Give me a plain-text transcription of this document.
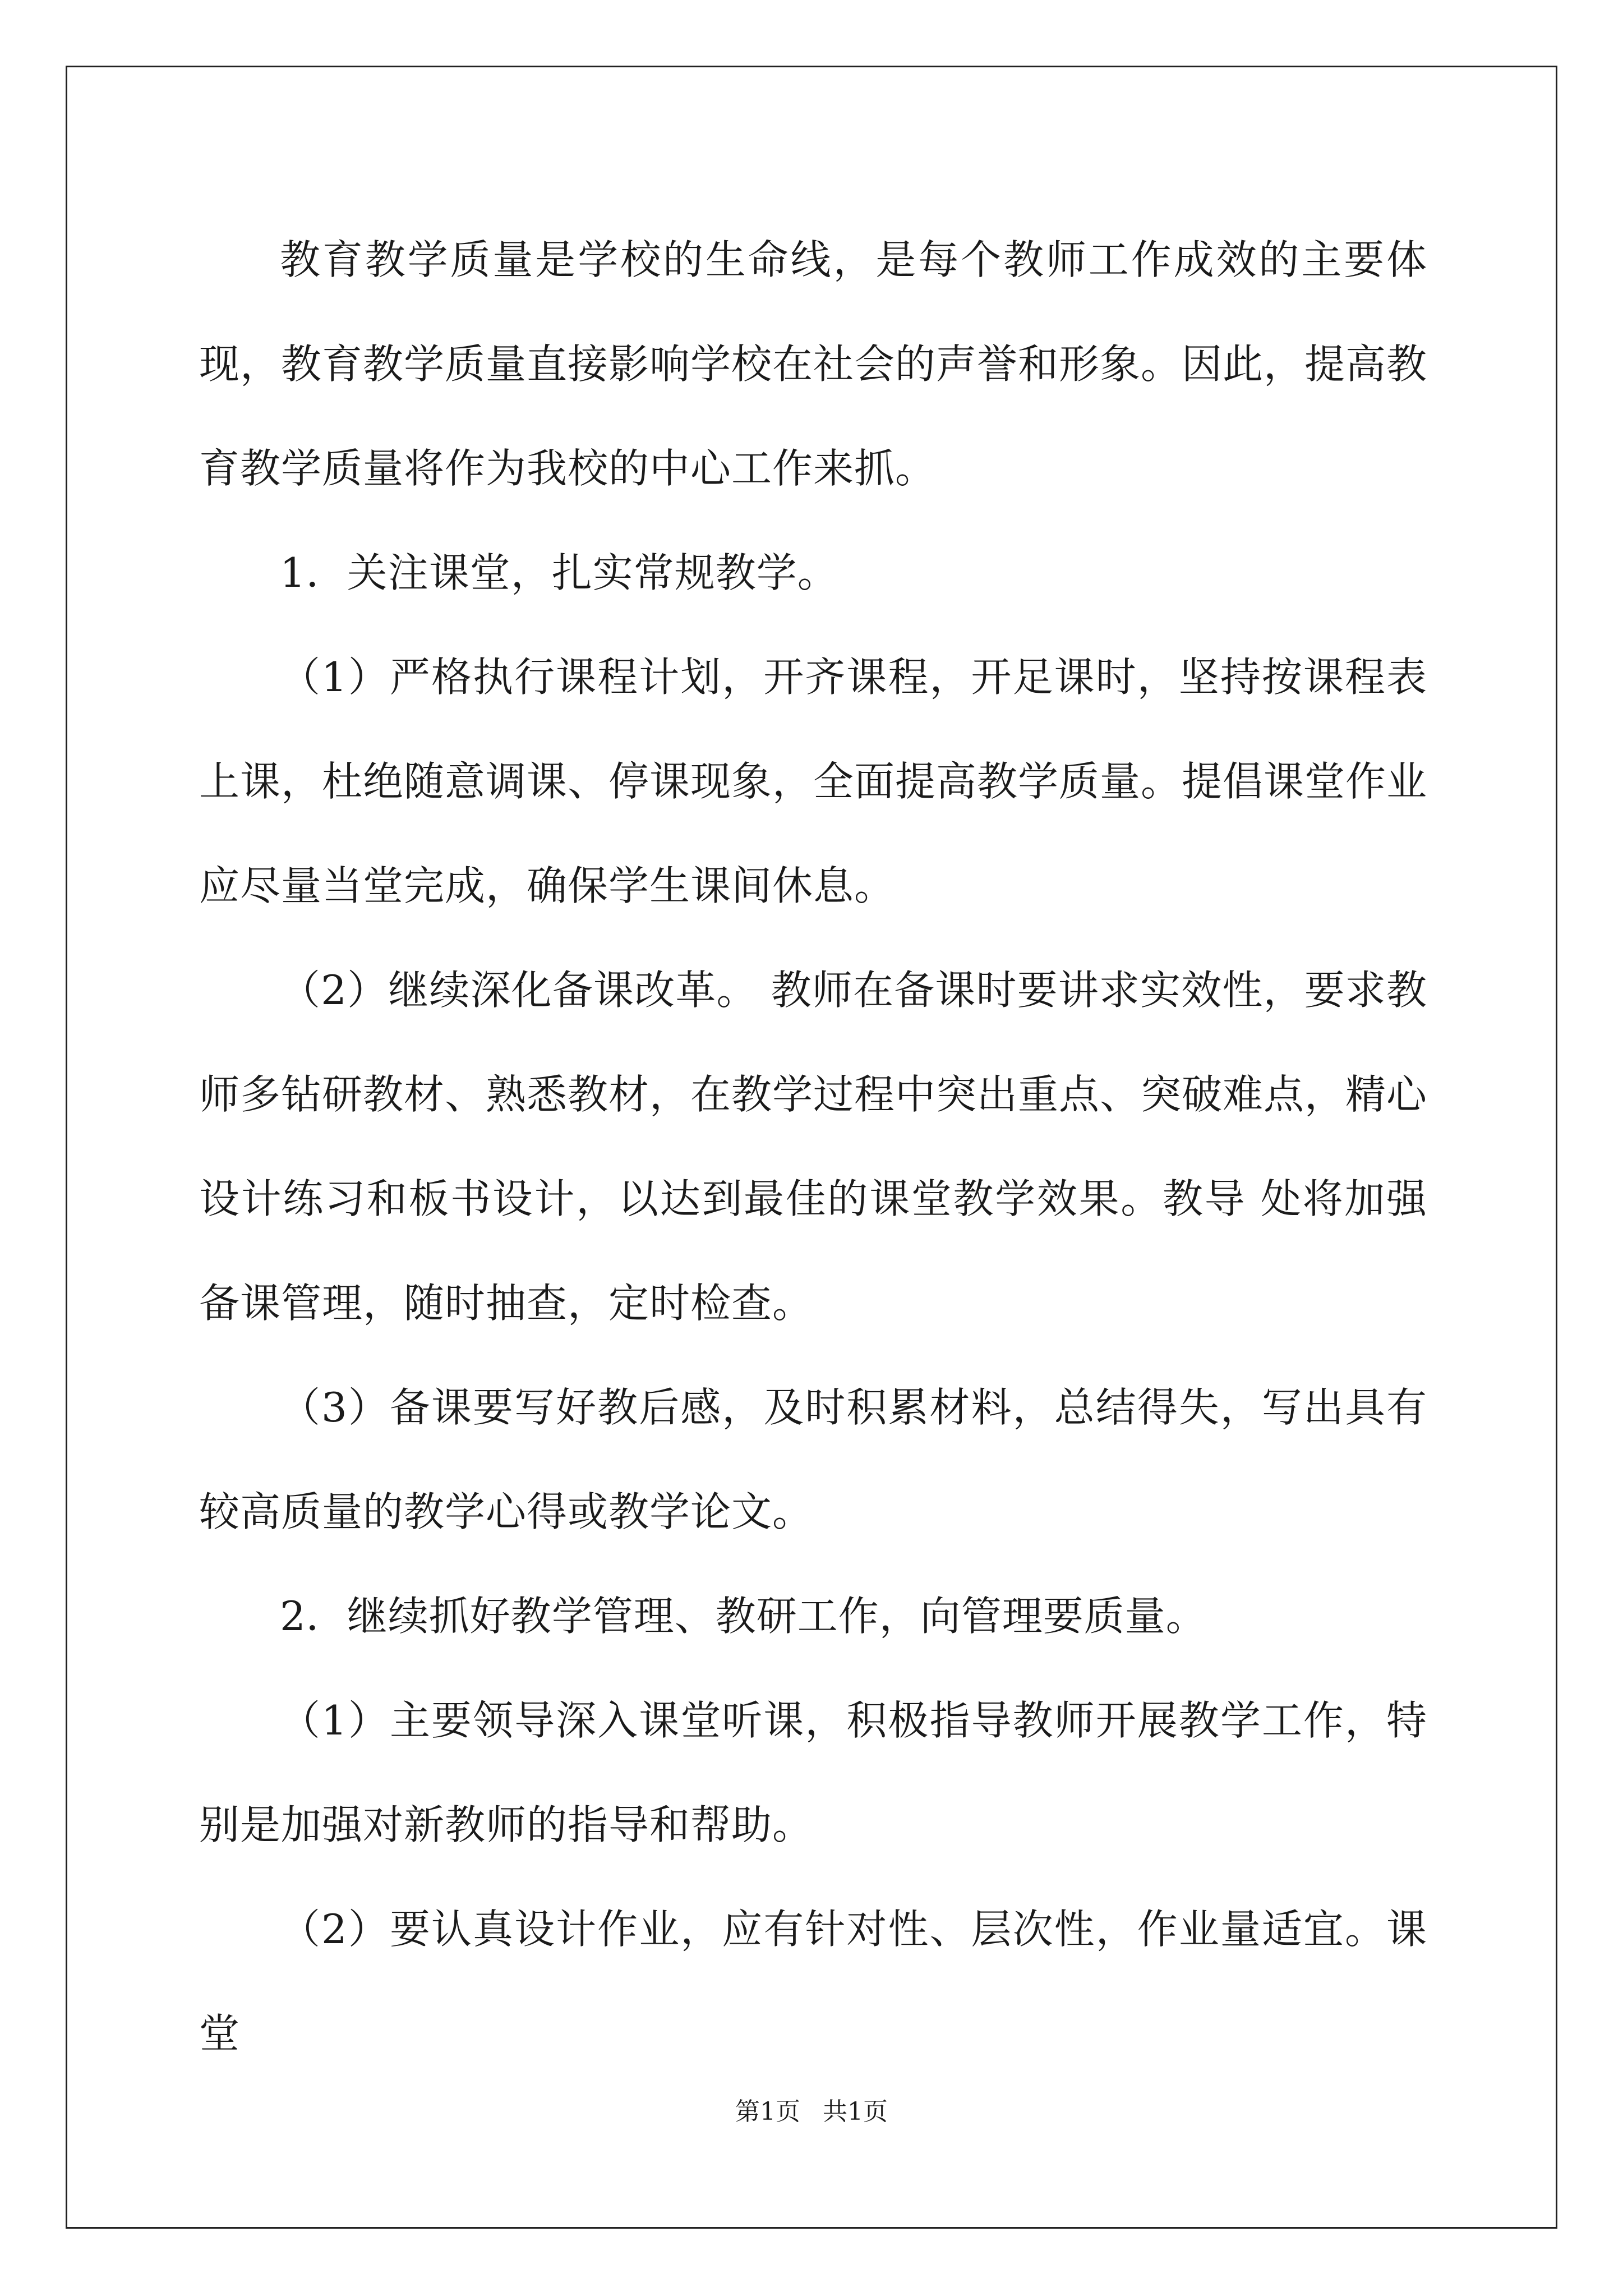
教育教学质量是学校的生命线，是每个教师工作成效的主要体现，教育教学质量直接影响学校在社会的声誉和形象。因此，提高教育教学质量将作为我校的中心工作来抓。

1．关注课堂，扎实常规教学。

（1）严格执行课程计划，开齐课程，开足课时，坚持按课程表上课，杜绝随意调课、停课现象，全面提高教学质量。提倡课堂作业应尽量当堂完成，确保学生课间休息。

（2）继续深化备课改革。 教师在备课时要讲求实效性，要求教师多钻研教材、熟悉教材，在教学过程中突出重点、突破难点，精心设计练习和板书设计，以达到最佳的课堂教学效果。教导 处将加强备课管理，随时抽查，定时检查。

（3）备课要写好教后感，及时积累材料，总结得失，写出具有较高质量的教学心得或教学论文。

2．继续抓好教学管理、教研工作，向管理要质量。

（1）主要领导深入课堂听课，积极指导教师开展教学工作，特别是加强对新教师的指导和帮助。

（2）要认真设计作业，应有针对性、层次性，作业量适宜。课堂

第1页 共1页
